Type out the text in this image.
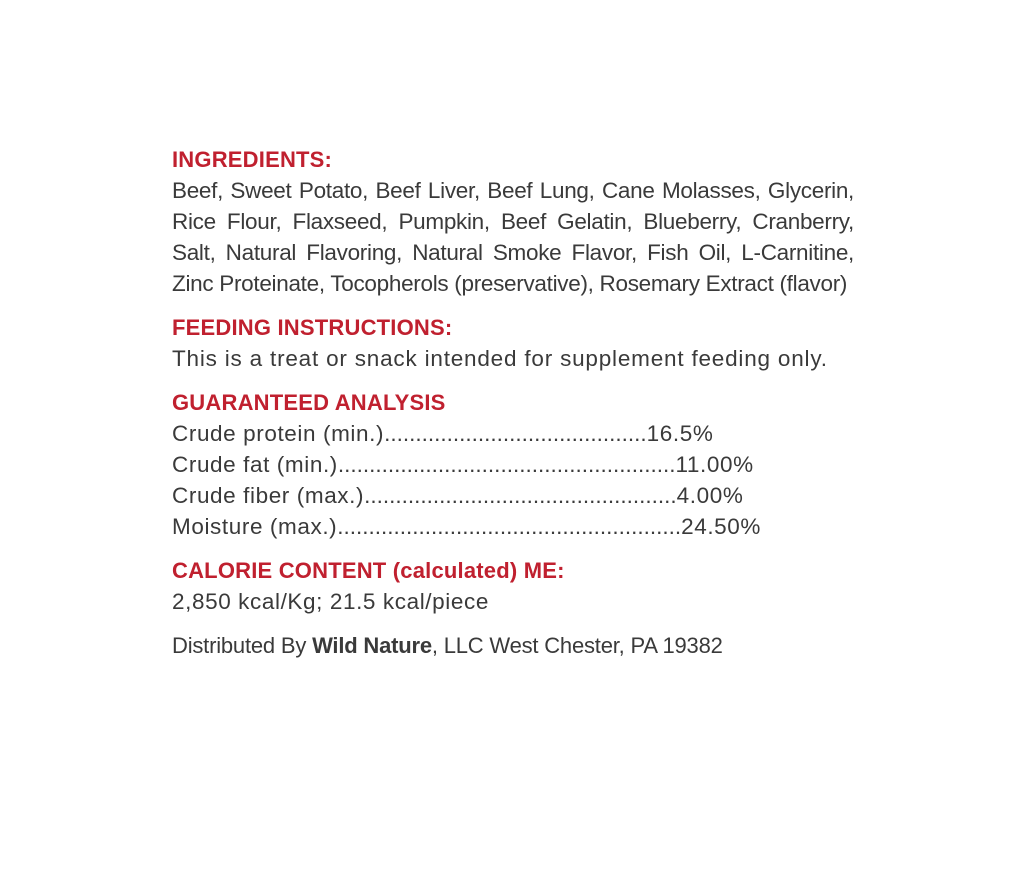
INGREDIENTS:
Beef, Sweet Potato, Beef Liver, Beef Lung, Cane Molasses, Glycerin, Rice Flour, Flaxseed, Pumpkin, Beef Gelatin, Blueberry, Cranberry, Salt, Natural Flavoring, Natural Smoke Flavor, Fish Oil, L-Carnitine, Zinc Proteinate, Tocopherols (preservative), Rosemary Extract (flavor)
FEEDING INSTRUCTIONS:
This is a treat or snack intended for supplement feeding only.
GUARANTEED ANALYSIS
Crude protein (min.)..........................................16.5%
Crude fat (min.)......................................................11.00%
Crude fiber (max.)..................................................4.00%
Moisture (max.).......................................................24.50%
CALORIE CONTENT (calculated) ME:
2,850 kcal/Kg; 21.5 kcal/piece
Distributed By Wild Nature, LLC West Chester, PA 19382
